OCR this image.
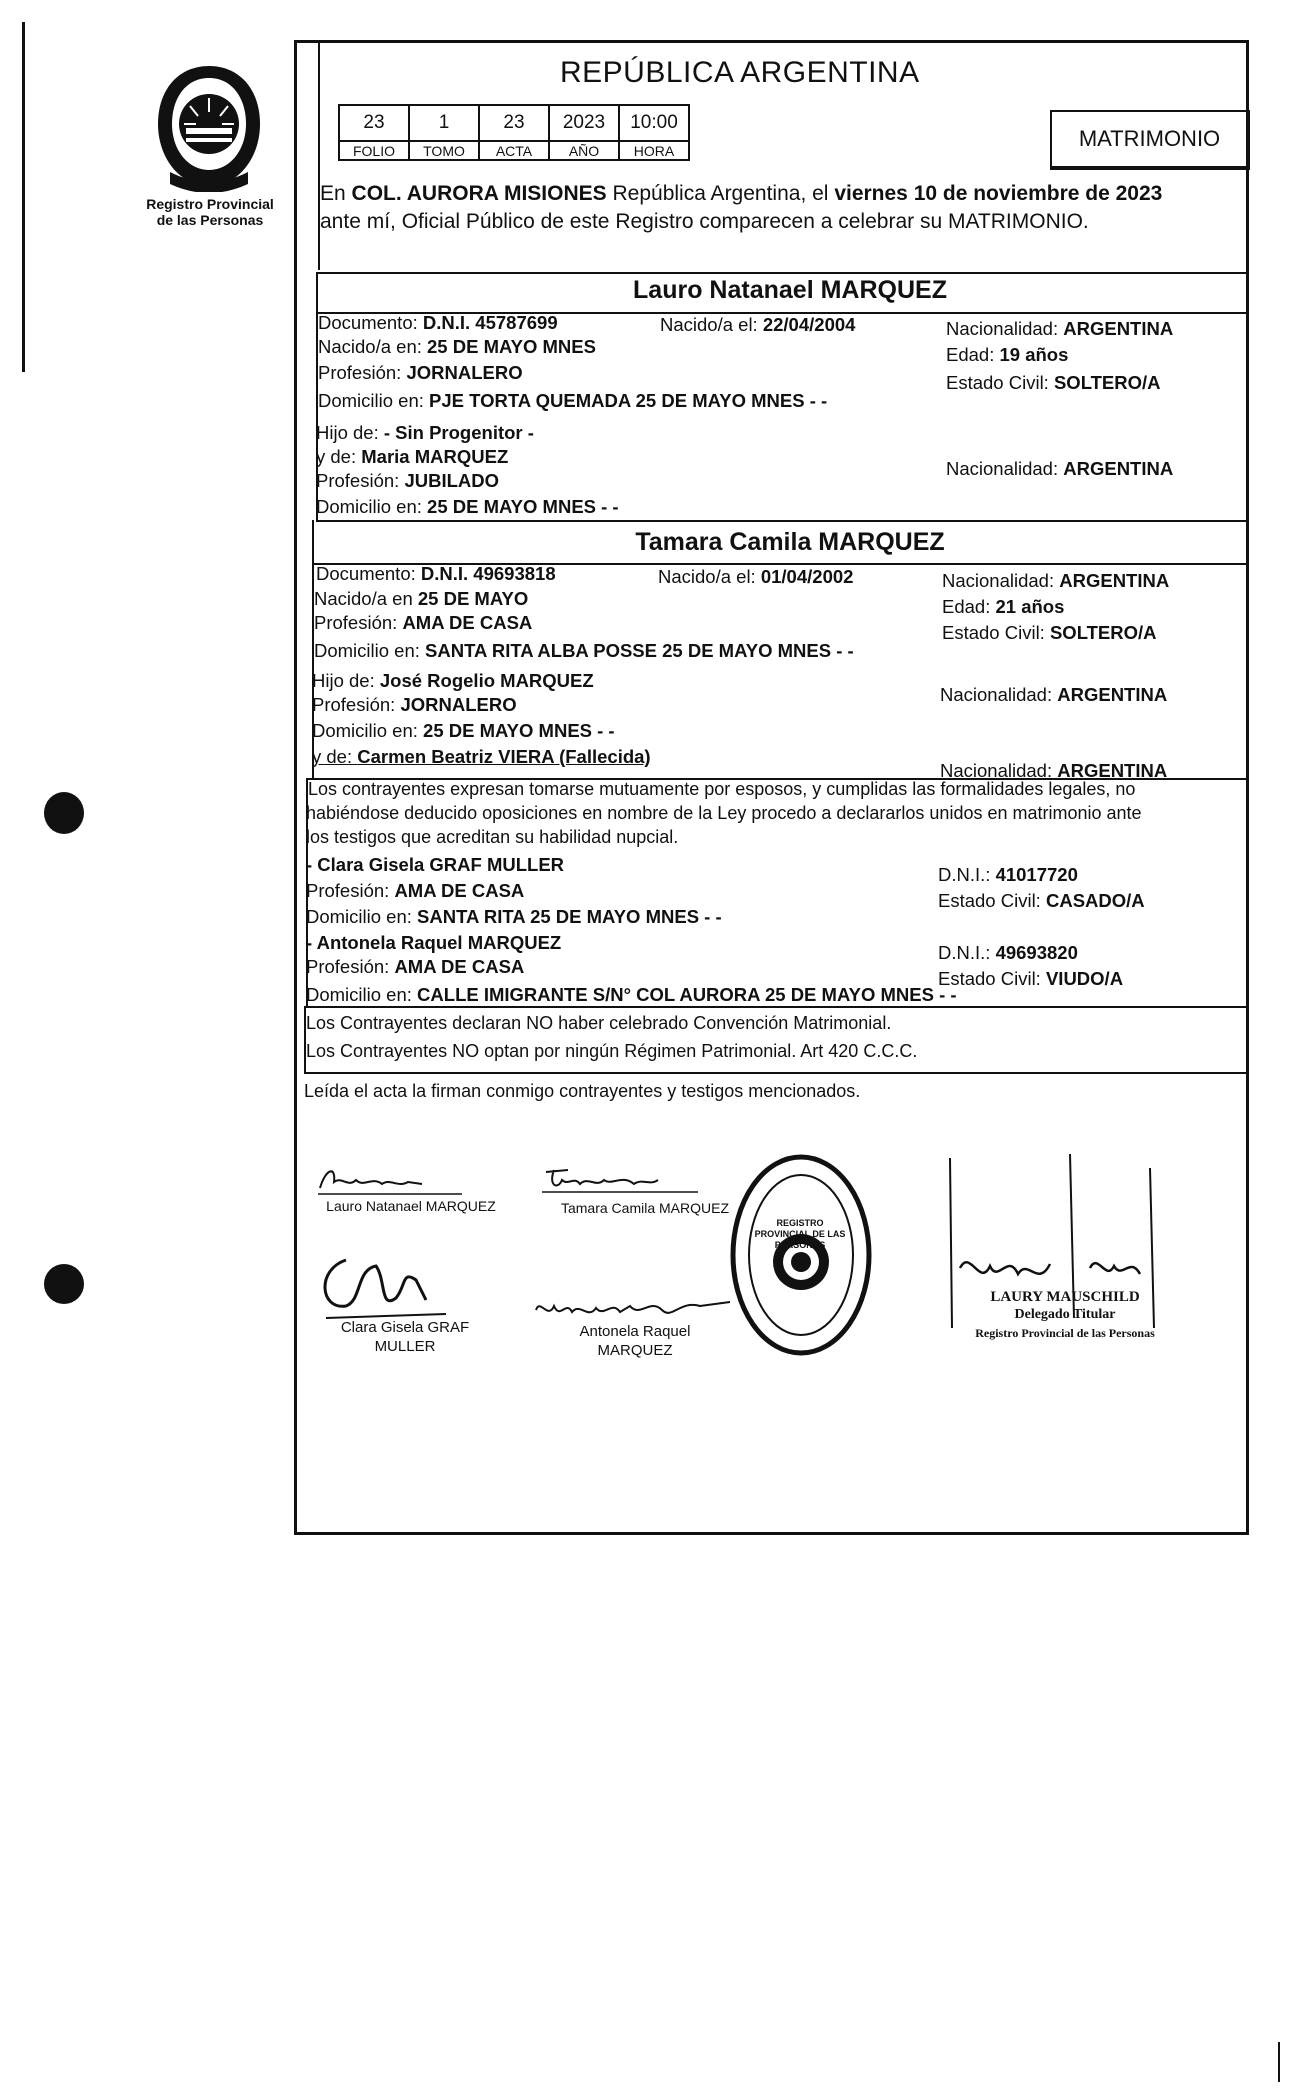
Registro Provincial
de las Personas
REPÚBLICA ARGENTINA
23	1	23	2023	10:00
FOLIO	TOMO	ACTA	AÑO	HORA	MATRIMONIO
En COL. AURORA MISIONES República Argentina, el viernes 10 de noviembre de 2023
ante mí, Oficial Público de este Registro comparecen a celebrar su MATRIMONIO.
Lauro Natanael MARQUEZ
Documento: D.N.I. 45787699	Nacido/a el: 22/04/2004	Nacionalidad: ARGENTINA
Nacido/a en: 25 DE MAYO MNES	Edad: 19 años
Profesión: JORNALERO	Estado Civil: SOLTERO/A
Domicilio en: PJE TORTA QUEMADA 25 DE MAYO MNES - -
Hijo de: - Sin Progenitor -
y de: Maria MARQUEZ
Nacionalidad: ARGENTINA
Profesión: JUBILADO
Domicilio en: 25 DE MAYO MNES - -
Tamara Camila MARQUEZ
Documento: D.N.I. 49693818	Nacido/a el: 01/04/2002	Nacionalidad: ARGENTINA
Nacido/a en 25 DE MAYO	Edad: 21 años
Profesión: AMA DE CASA	Estado Civil: SOLTERO/A
Domicilio en: SANTA RITA ALBA POSSE 25 DE MAYO MNES - -
Hijo de: José Rogelio MARQUEZ
Nacionalidad: ARGENTINA
Profesión: JORNALERO
Domicilio en: 25 DE MAYO MNES - -
y de: Carmen Beatriz VIERA (Fallecida)
Nacionalidad: ARGENTINA
Los contrayentes expresan tomarse mutuamente por esposos, y cumplidas las formalidades legales, no
habiéndose deducido oposiciones en nombre de la Ley procedo a declararlos unidos en matrimonio ante
los testigos que acreditan su habilidad nupcial.
- Clara Gisela GRAF MULLER	D.N.I.: 41017720
Profesión: AMA DE CASA	Estado Civil: CASADO/A
Domicilio en: SANTA RITA 25 DE MAYO MNES - -
- Antonela Raquel MARQUEZ	D.N.I.: 49693820
Profesión: AMA DE CASA
Estado Civil: VIUDO/A
Domicilio en: CALLE IMIGRANTE S/N° COL AURORA 25 DE MAYO MNES - -
Los Contrayentes declaran NO haber celebrado Convención Matrimonial.
Los Contrayentes NO optan por ningún Régimen Patrimonial. Art 420 C.C.C.
Leída el acta la firman conmigo contrayentes y testigos mencionados.
Lauro Natanael MARQUEZ	Tamara Camila MARQUEZ
Clara Gisela GRAF
MULLER
Antonela Raquel
MARQUEZ
REGISTRO PROVINCIAL DE LAS PERSONAS
LAURY MAUSCHILD
Delegado Titular
Registro Provincial de las Personas
